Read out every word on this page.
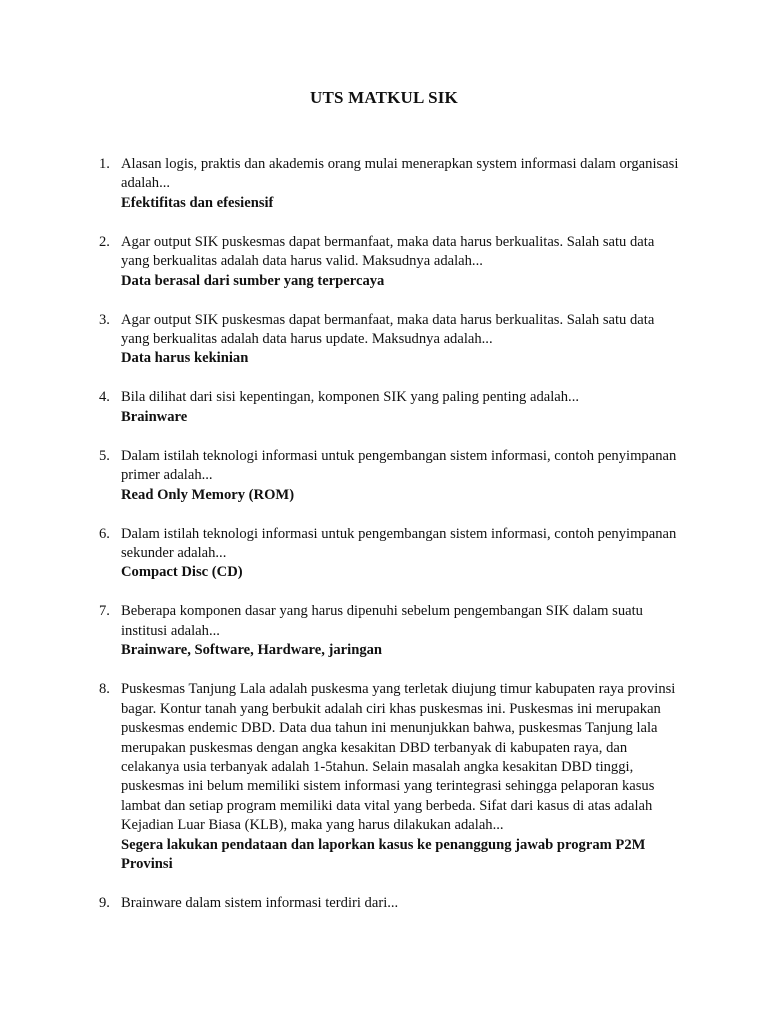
UTS MATKUL SIK
1. Alasan logis, praktis dan akademis orang mulai menerapkan system informasi dalam organisasi adalah...
Efektifitas dan efesiensif
2. Agar output SIK puskesmas dapat bermanfaat, maka data harus berkualitas. Salah satu data yang berkualitas adalah data harus valid. Maksudnya adalah...
Data berasal dari sumber yang terpercaya
3. Agar output SIK puskesmas dapat bermanfaat, maka data harus berkualitas. Salah satu data yang berkualitas adalah data harus update. Maksudnya adalah...
Data harus kekinian
4. Bila dilihat dari sisi kepentingan, komponen SIK yang paling penting adalah...
Brainware
5. Dalam istilah teknologi informasi untuk pengembangan sistem informasi, contoh penyimpanan primer adalah...
Read Only Memory (ROM)
6. Dalam istilah teknologi informasi untuk pengembangan sistem informasi, contoh penyimpanan sekunder adalah...
Compact Disc (CD)
7. Beberapa komponen dasar yang harus dipenuhi sebelum pengembangan SIK dalam suatu institusi adalah...
Brainware, Software, Hardware, jaringan
8. Puskesmas Tanjung Lala adalah puskesma yang terletak diujung timur kabupaten raya provinsi bagar. Kontur tanah yang berbukit adalah ciri khas puskesmas ini. Puskesmas ini merupakan puskesmas endemic DBD. Data dua tahun ini menunjukkan bahwa, puskesmas Tanjung lala merupakan puskesmas dengan angka kesakitan DBD terbanyak di kabupaten raya, dan celakanya usia terbanyak adalah 1-5tahun. Selain masalah angka kesakitan DBD tinggi, puskesmas ini belum memiliki sistem informasi yang terintegrasi sehingga pelaporan kasus lambat dan setiap program memiliki data vital yang berbeda. Sifat dari kasus di atas adalah Kejadian Luar Biasa (KLB), maka yang harus dilakukan adalah...
Segera lakukan pendataan dan laporkan kasus ke penanggung jawab program P2M Provinsi
9. Brainware dalam sistem informasi terdiri dari...
